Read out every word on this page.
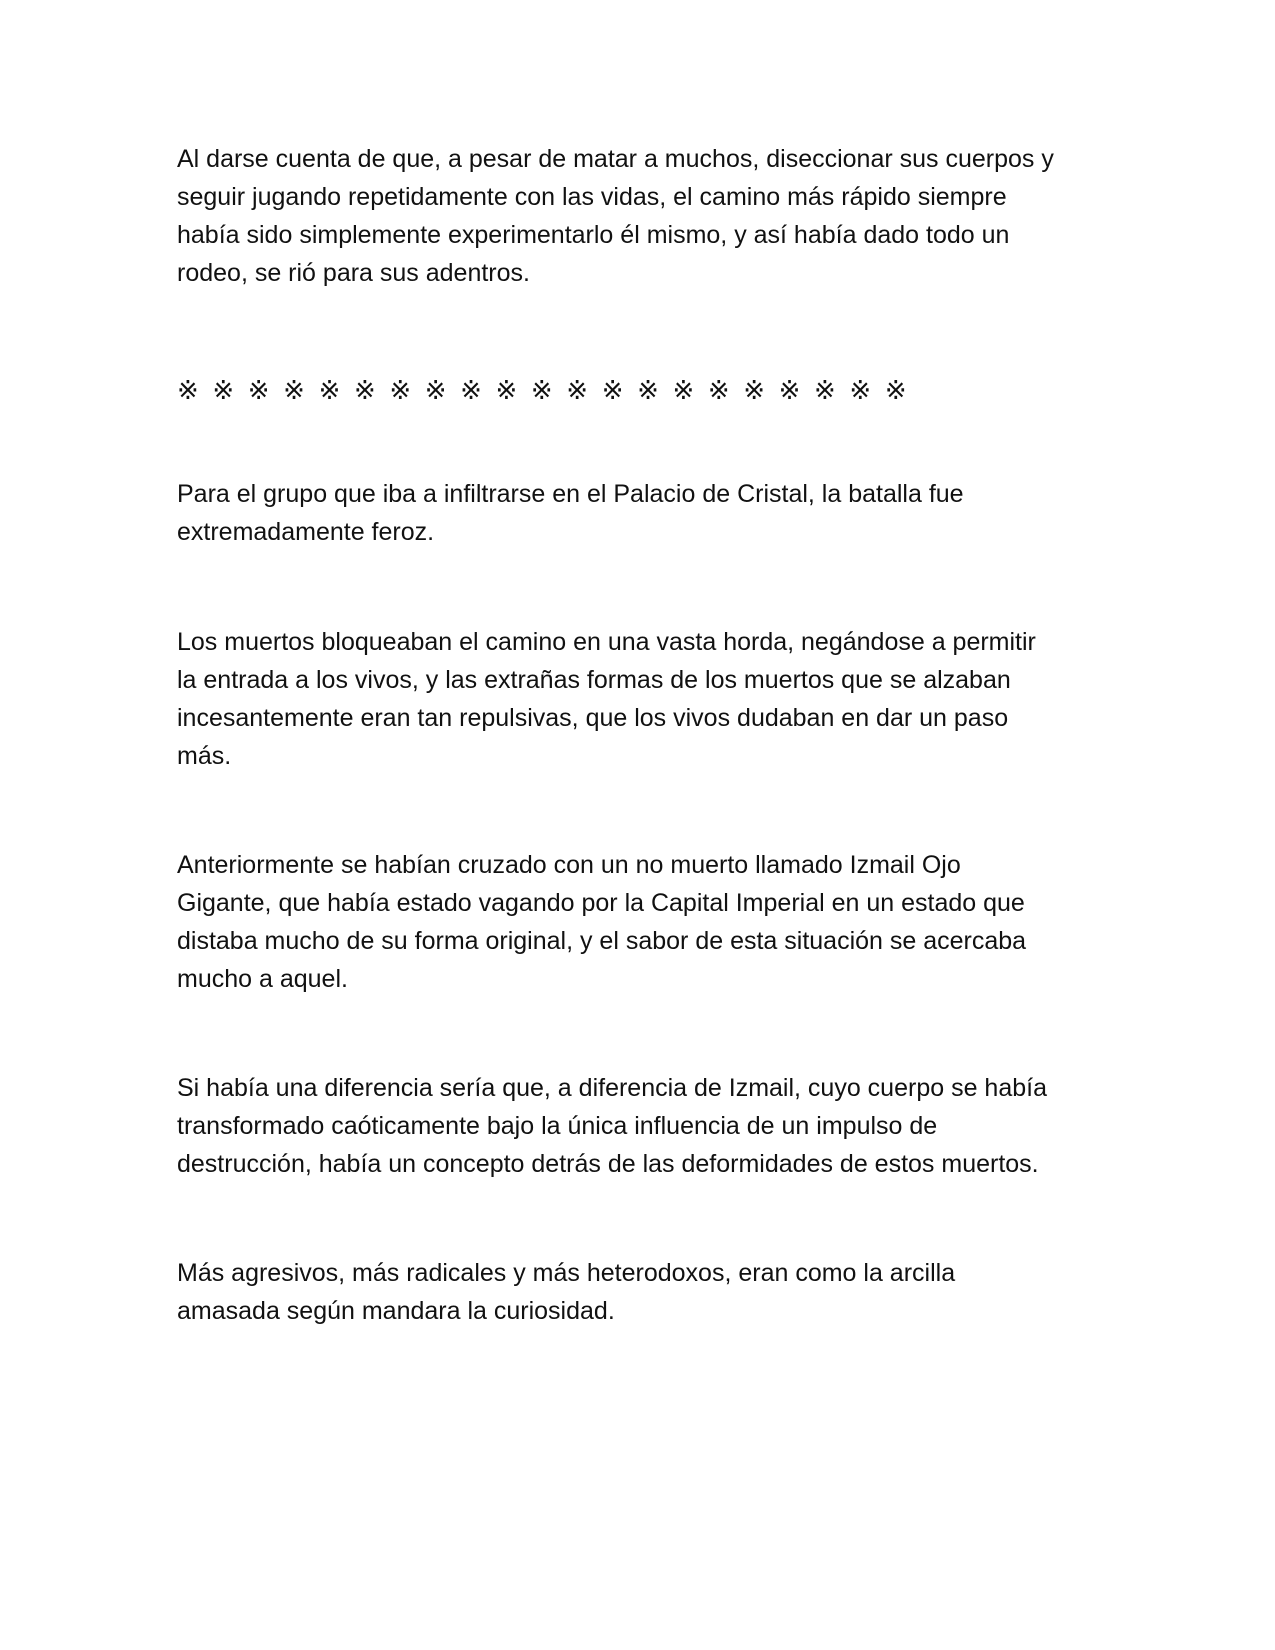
Al darse cuenta de que, a pesar de matar a muchos, diseccionar sus cuerpos y
seguir jugando repetidamente con las vidas, el camino más rápido siempre
había sido simplemente experimentarlo él mismo, y así había dado todo un
rodeo, se rió para sus adentros.

※ ※ ※ ※ ※ ※ ※ ※ ※ ※ ※ ※ ※ ※ ※ ※ ※ ※ ※ ※ ※

Para el grupo que iba a infiltrarse en el Palacio de Cristal, la batalla fue
extremadamente feroz.

Los muertos bloqueaban el camino en una vasta horda, negándose a permitir
la entrada a los vivos, y las extrañas formas de los muertos que se alzaban
incesantemente eran tan repulsivas, que los vivos dudaban en dar un paso
más.

Anteriormente se habían cruzado con un no muerto llamado Izmail Ojo
Gigante, que había estado vagando por la Capital Imperial en un estado que
distaba mucho de su forma original, y el sabor de esta situación se acercaba
mucho a aquel.

Si había una diferencia sería que, a diferencia de Izmail, cuyo cuerpo se había
transformado caóticamente bajo la única influencia de un impulso de
destrucción, había un concepto detrás de las deformidades de estos muertos.

Más agresivos, más radicales y más heterodoxos, eran como la arcilla
amasada según mandara la curiosidad.
